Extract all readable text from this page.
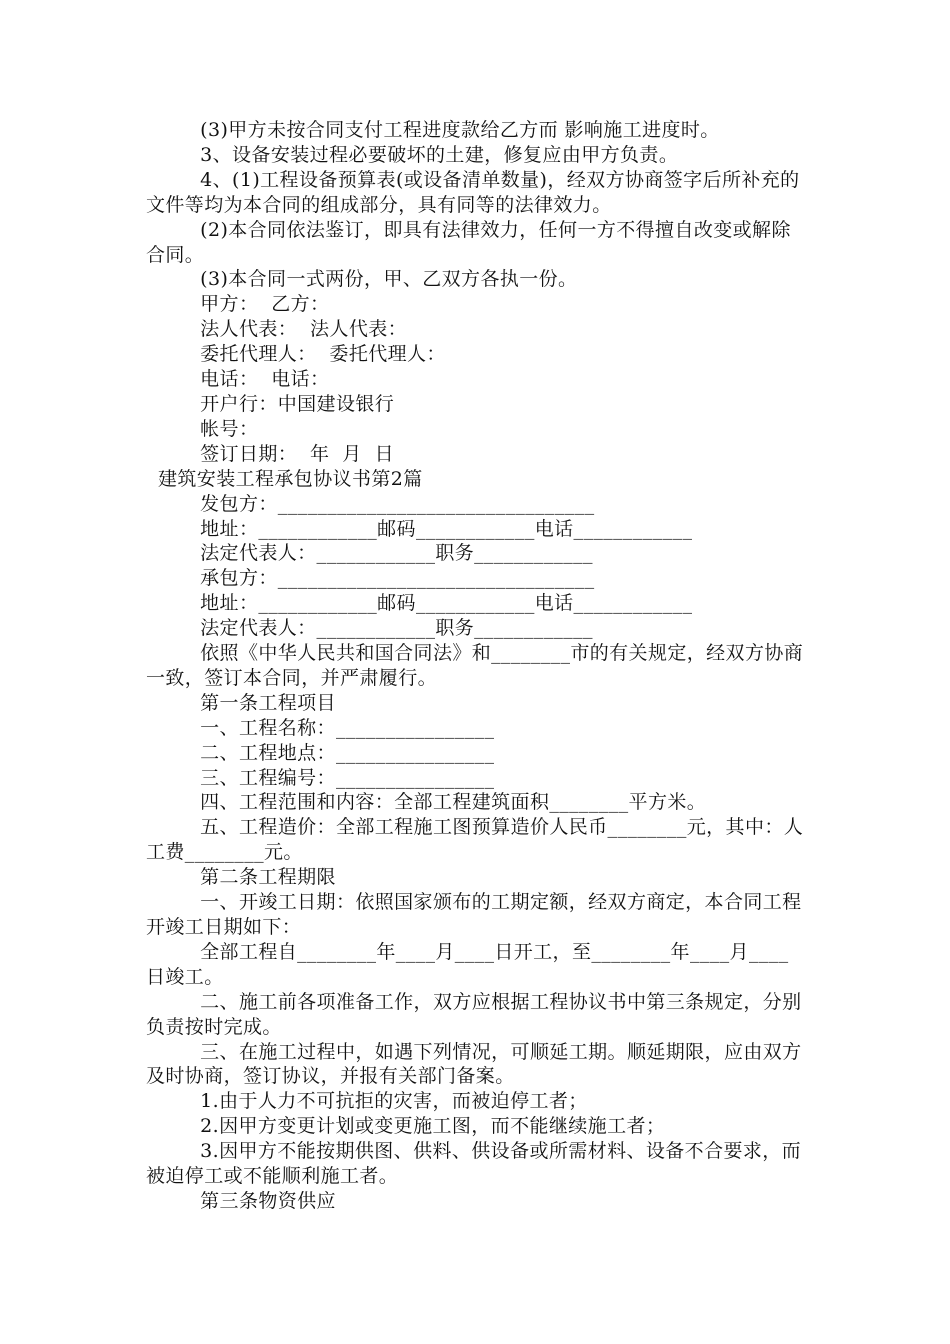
(3)甲方未按合同支付工程进度款给乙方而 影响施工进度时。

3、设备安装过程必要破坏的土建，修复应由甲方负责。

4、(1)工程设备预算表(或设备清单数量)，经双方协商签字后所补充的文件等均为本合同的组成部分，具有同等的法律效力。

(2)本合同依法鉴订，即具有法律效力，任何一方不得擅自改变或解除合同。

(3)本合同一式两份，甲、乙双方各执一份。

甲方：  乙方：

法人代表：  法人代表：

委托代理人：  委托代理人：

电话：  电话：

开户行：中国建设银行

帐号：

签订日期：  年  月  日

建筑安装工程承包协议书第2篇

发包方：________________________________

地址：____________邮码____________电话____________

法定代表人：____________职务____________

承包方：________________________________

地址：____________邮码____________电话____________

法定代表人：____________职务____________

依照《中华人民共和国合同法》和________市的有关规定，经双方协商一致，签订本合同，并严肃履行。

第一条工程项目

一、工程名称：________________

二、工程地点：________________

三、工程编号：________________

四、工程范围和内容：全部工程建筑面积________平方米。

五、工程造价：全部工程施工图预算造价人民币________元，其中：人工费________元。

第二条工程期限

一、开竣工日期：依照国家颁布的工期定额，经双方商定，本合同工程开竣工日期如下：

全部工程自________年____月____日开工，至________年____月____日竣工。

二、施工前各项准备工作，双方应根据工程协议书中第三条规定，分别负责按时完成。

三、在施工过程中，如遇下列情况，可顺延工期。顺延期限，应由双方及时协商，签订协议，并报有关部门备案。

1.由于人力不可抗拒的灾害，而被迫停工者；

2.因甲方变更计划或变更施工图，而不能继续施工者；

3.因甲方不能按期供图、供料、供设备或所需材料、设备不合要求，而被迫停工或不能顺利施工者。

第三条物资供应
